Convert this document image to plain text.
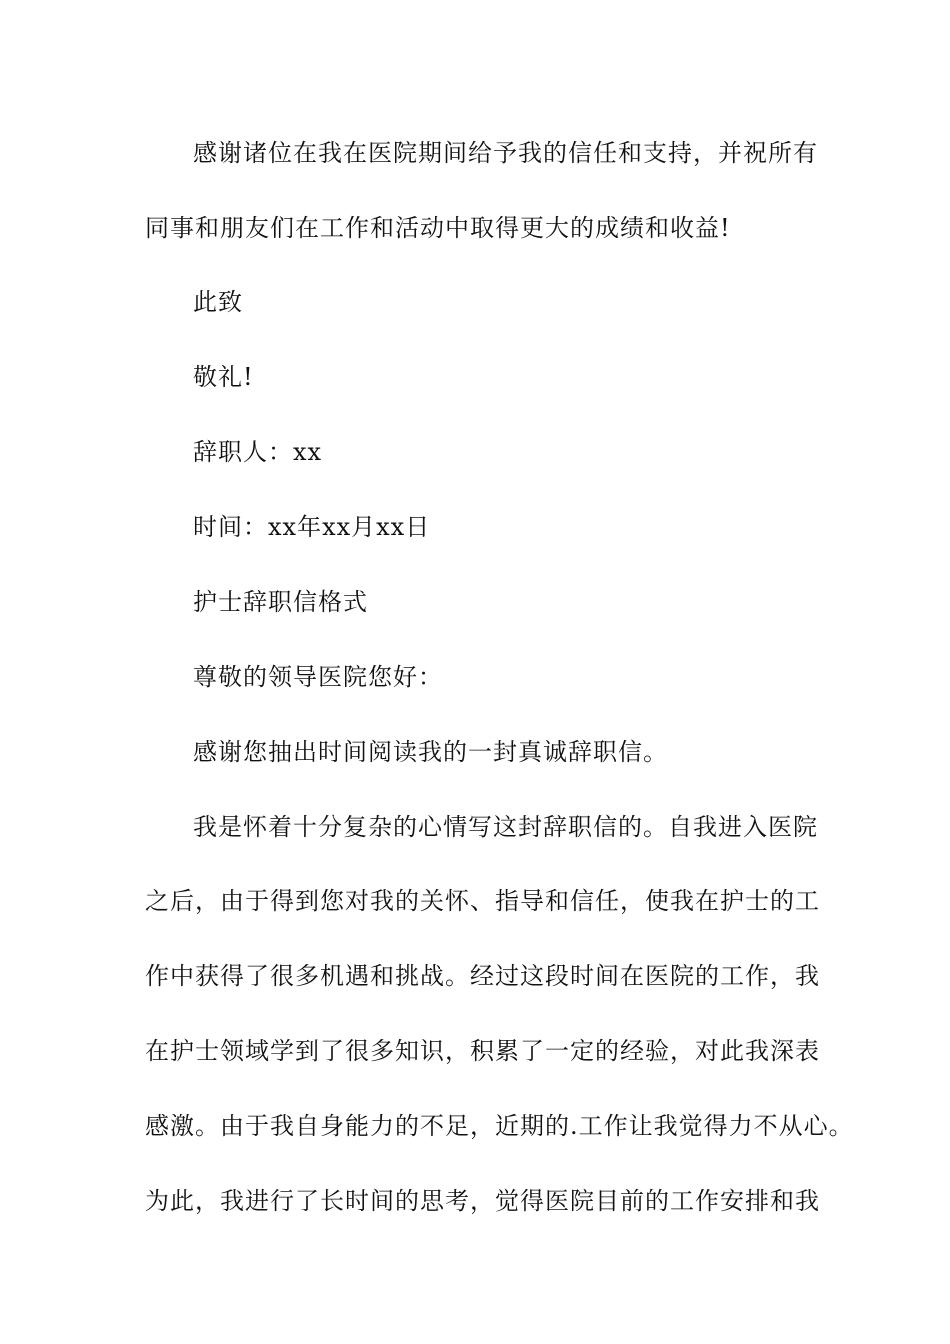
感谢诸位在我在医院期间给予我的信任和支持，并祝所有
同事和朋友们在工作和活动中取得更大的成绩和收益!
此致
敬礼!
辞职人：xx
时间：xx年xx月xx日
护士辞职信格式
尊敬的领导医院您好：
感谢您抽出时间阅读我的一封真诚辞职信。
我是怀着十分复杂的心情写这封辞职信的。自我进入医院
之后，由于得到您对我的关怀、指导和信任，使我在护士的工
作中获得了很多机遇和挑战。经过这段时间在医院的工作，我
在护士领域学到了很多知识，积累了一定的经验，对此我深表
感激。由于我自身能力的不足，近期的.工作让我觉得力不从心。
为此，我进行了长时间的思考，觉得医院目前的工作安排和我
